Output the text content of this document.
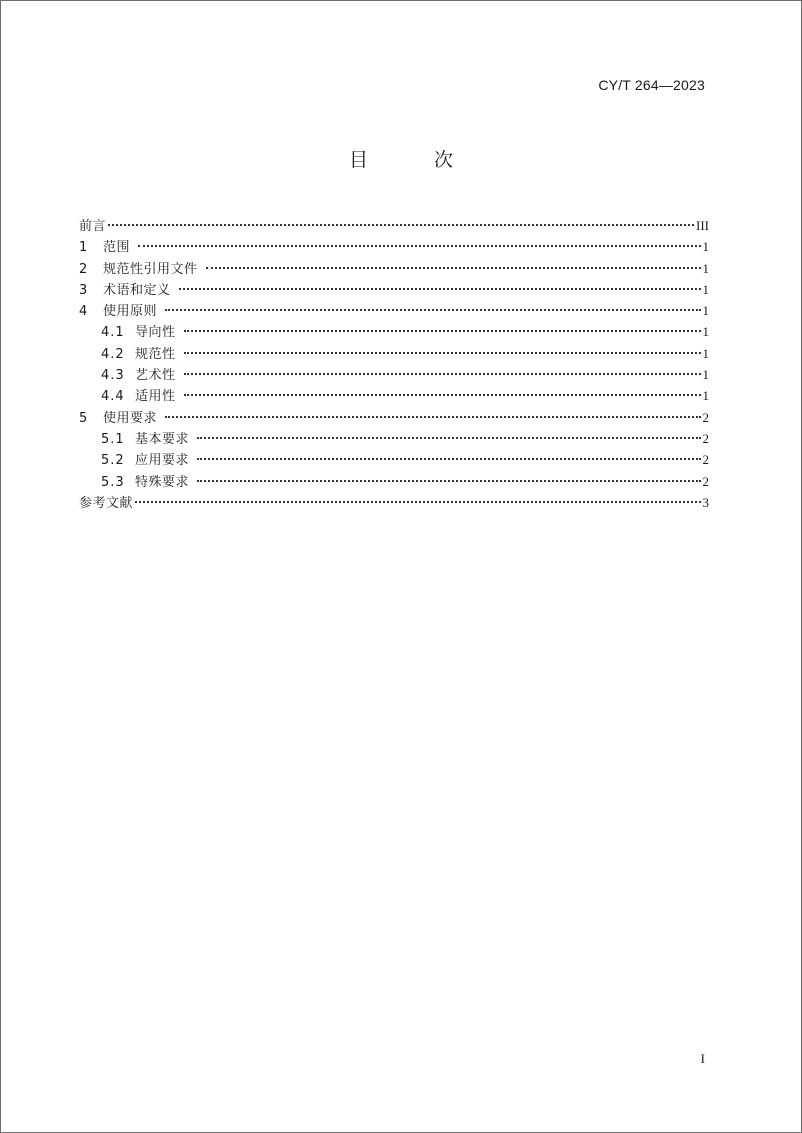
CY/T 264—2023
目 次
前言	III
1	范围	1
2	规范性引用文件	1
3	术语和定义	1
4	使用原则	1
4.1 导向性	1
4.2 规范性	1
4.3 艺术性	1
4.4 适用性	1
5	使用要求	2
5.1 基本要求	2
5.2 应用要求	2
5.3 特殊要求	2
参考文献	3
I
